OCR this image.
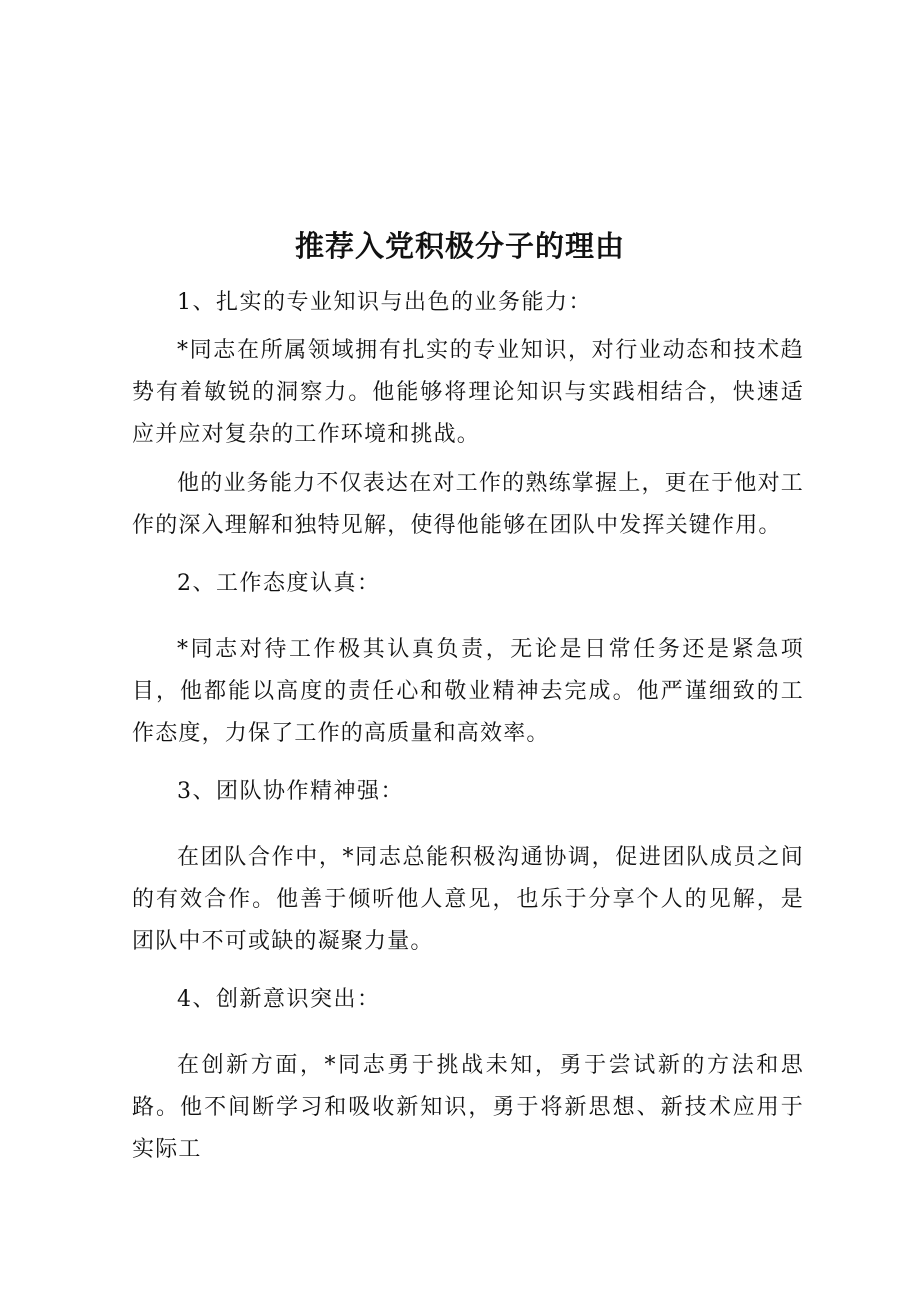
推荐入党积极分子的理由

1、扎实的专业知识与出色的业务能力：

*同志在所属领域拥有扎实的专业知识，对行业动态和技术趋势有着敏锐的洞察力。他能够将理论知识与实践相结合，快速适应并应对复杂的工作环境和挑战。

他的业务能力不仅表达在对工作的熟练掌握上，更在于他对工作的深入理解和独特见解，使得他能够在团队中发挥关键作用。

2、工作态度认真：

*同志对待工作极其认真负责，无论是日常任务还是紧急项目，他都能以高度的责任心和敬业精神去完成。他严谨细致的工作态度，力保了工作的高质量和高效率。

3、团队协作精神强：

在团队合作中，*同志总能积极沟通协调，促进团队成员之间的有效合作。他善于倾听他人意见，也乐于分享个人的见解，是团队中不可或缺的凝聚力量。

4、创新意识突出：

在创新方面，*同志勇于挑战未知，勇于尝试新的方法和思路。他不间断学习和吸收新知识，勇于将新思想、新技术应用于实际工
